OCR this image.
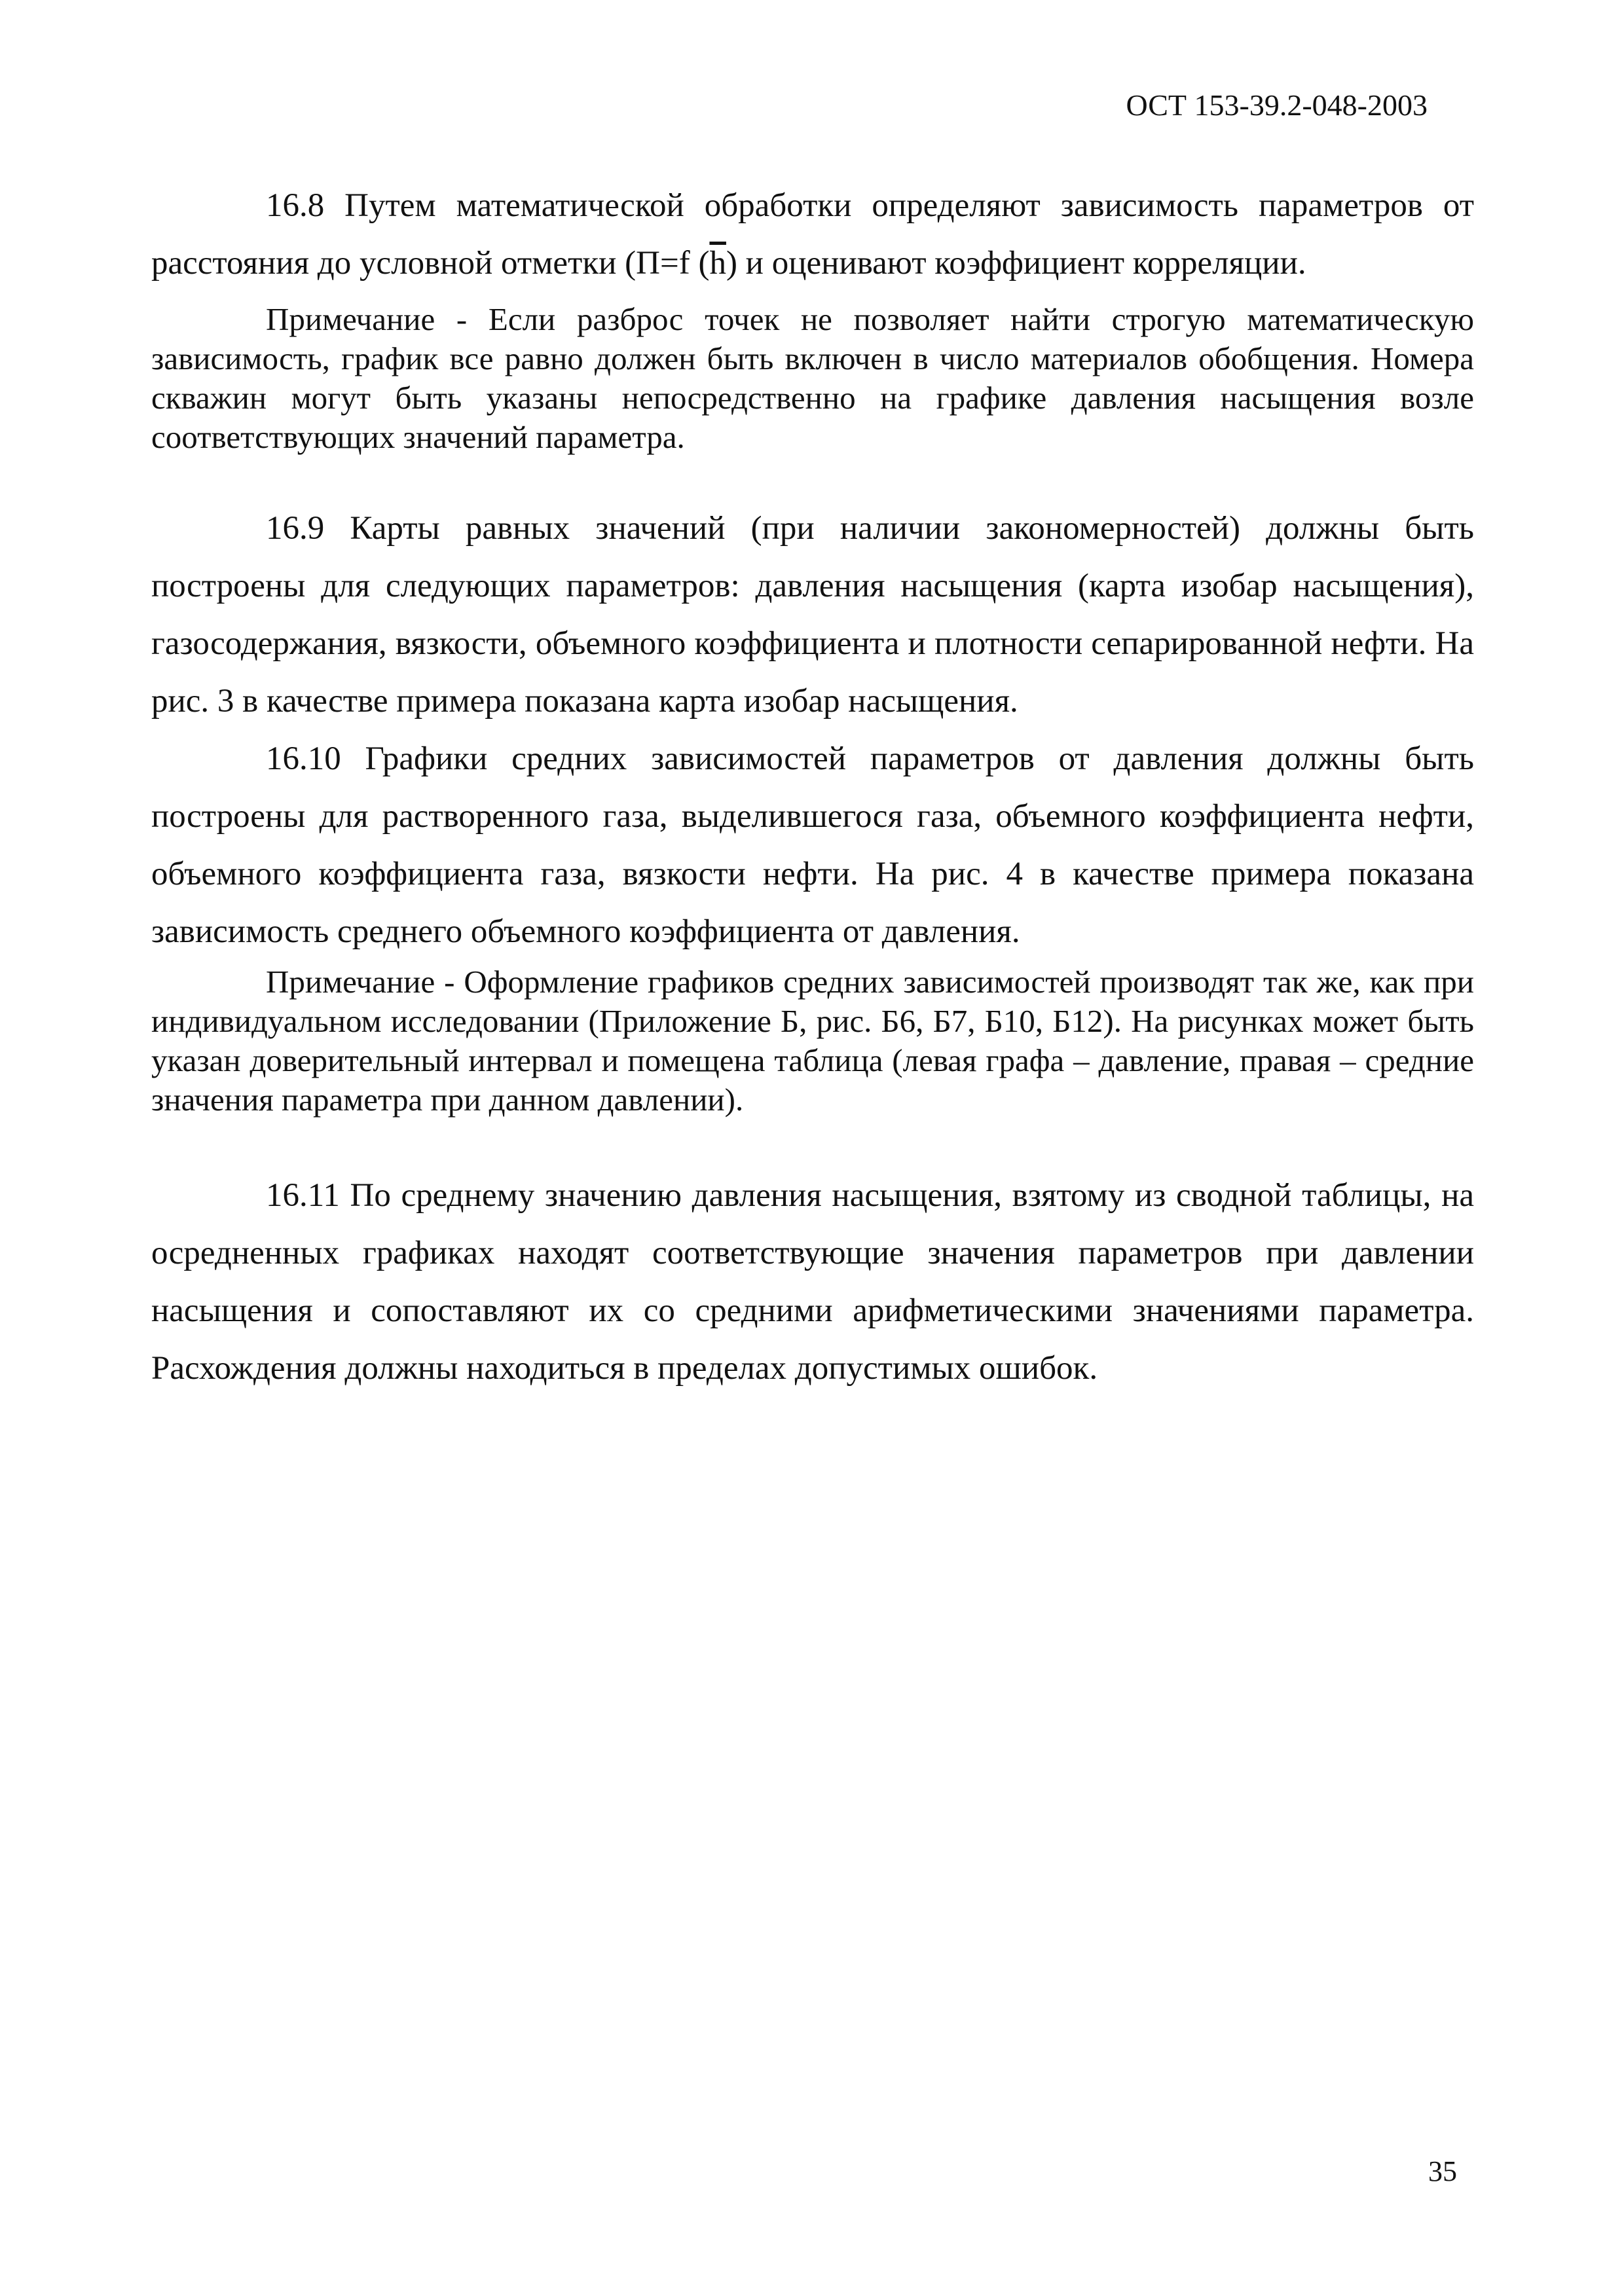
ОСТ 153-39.2-048-2003

16.8 Путем математической обработки определяют зависимость параметров от расстояния до условной отметки (П=f $(\overline{h})$ и оценивают коэффициент корреляции.

Примечание - Если разброс точек не позволяет найти строгую математическую зависимость, график все равно должен быть включен в число материалов обобщения. Номера скважин могут быть указаны непосредственно на графике давления насыщения возле соответствующих значений параметра.

16.9 Карты равных значений (при наличии закономерностей) должны быть построены для следующих параметров: давления насыщения (карта изобар насыщения), газосодержания, вязкости, объемного коэффициента и плотности сепарированной нефти. На рис. 3 в качестве примера показана карта изобар насыщения.

16.10 Графики средних зависимостей параметров от давления должны быть построены для растворенного газа, выделившегося газа, объемного коэффициента нефти, объемного коэффициента газа, вязкости нефти. На рис. 4 в качестве примера показана зависимость среднего объемного коэффициента от давления.

Примечание - Оформление графиков средних зависимостей производят так же, как при индивидуальном исследовании (Приложение Б, рис. Б6, Б7, Б10, Б12). На рисунках может быть указан доверительный интервал и помещена таблица (левая графа – давление, правая – средние значения параметра при данном давлении).

16.11 По среднему значению давления насыщения, взятому из сводной таблицы, на осредненных графиках находят соответствующие значения параметров при давлении насыщения и сопоставляют их со средними арифметическими значениями параметра. Расхождения должны находиться в пределах допустимых ошибок.

35
